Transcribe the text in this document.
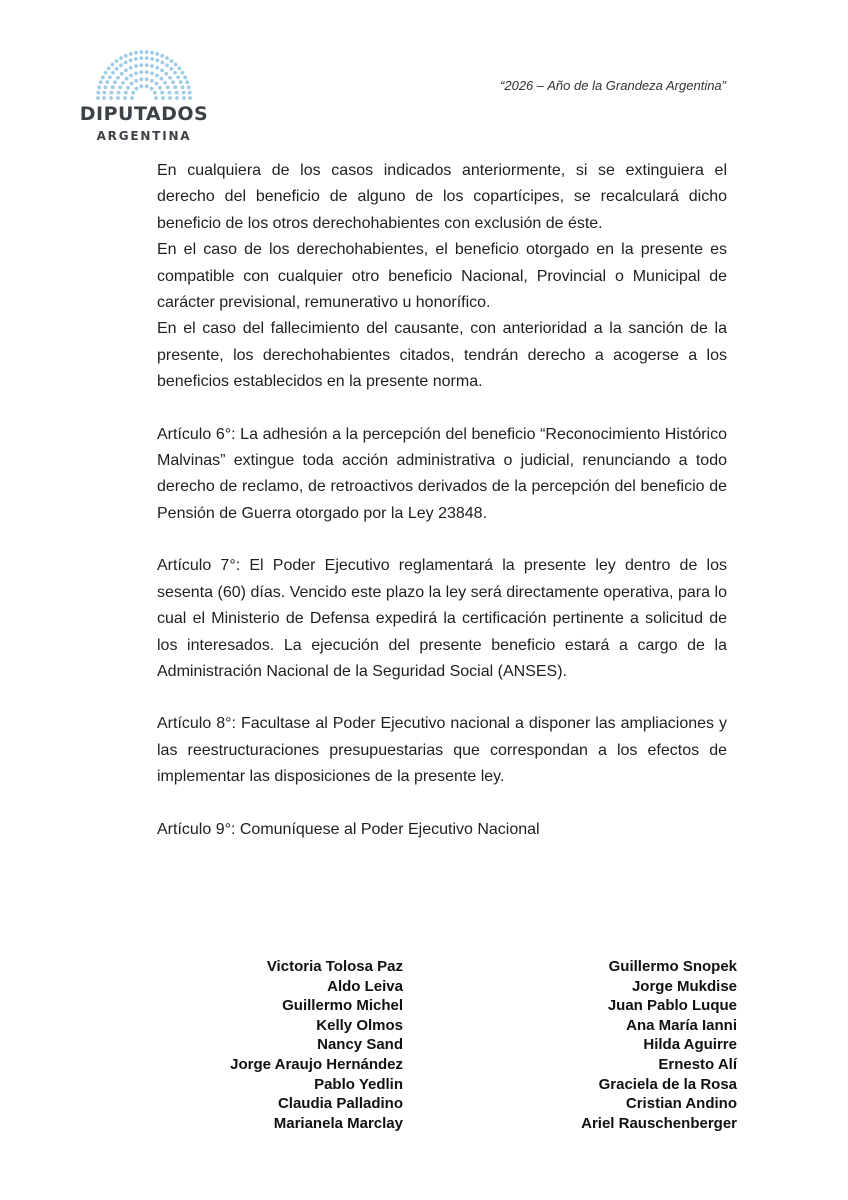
DIPUTADOS
ARGENTINA
“2026 – Año de la Grandeza Argentina”

En cualquiera de los casos indicados anteriormente, si se extinguiera el derecho del beneficio de alguno de los copartícipes, se recalculará dicho beneficio de los otros derechohabientes con exclusión de éste.

En el caso de los derechohabientes, el beneficio otorgado en la presente es compatible con cualquier otro beneficio Nacional, Provincial o Municipal de carácter previsional, remunerativo u honorífico.

En el caso del fallecimiento del causante, con anterioridad a la sanción de la presente, los derechohabientes citados, tendrán derecho a acogerse a los beneficios establecidos en la presente norma.

Artículo 6°: La adhesión a la percepción del beneficio “Reconocimiento Histórico Malvinas” extingue toda acción administrativa o judicial, renunciando a todo derecho de reclamo, de retroactivos derivados de la percepción del beneficio de Pensión de Guerra otorgado por la Ley 23848.

Artículo 7°: El Poder Ejecutivo reglamentará la presente ley dentro de los sesenta (60) días. Vencido este plazo la ley será directamente operativa, para lo cual el Ministerio de Defensa expedirá la certificación pertinente a solicitud de los interesados. La ejecución del presente beneficio estará a cargo de la Administración Nacional de la Seguridad Social (ANSES).

Artículo 8°: Facultase al Poder Ejecutivo nacional a disponer las ampliaciones y las reestructuraciones presupuestarias que correspondan a los efectos de implementar las disposiciones de la presente ley.

Artículo 9°: Comuníquese al Poder Ejecutivo Nacional

Victoria Tolosa Paz
Aldo Leiva
Guillermo Michel
Kelly Olmos
Nancy Sand
Jorge Araujo Hernández
Pablo Yedlin
Claudia Palladino
Marianela Marclay
Guillermo Snopek
Jorge Mukdise
Juan Pablo Luque
Ana María Ianni
Hilda Aguirre
Ernesto Alí
Graciela de la Rosa
Cristian Andino
Ariel Rauschenberger
